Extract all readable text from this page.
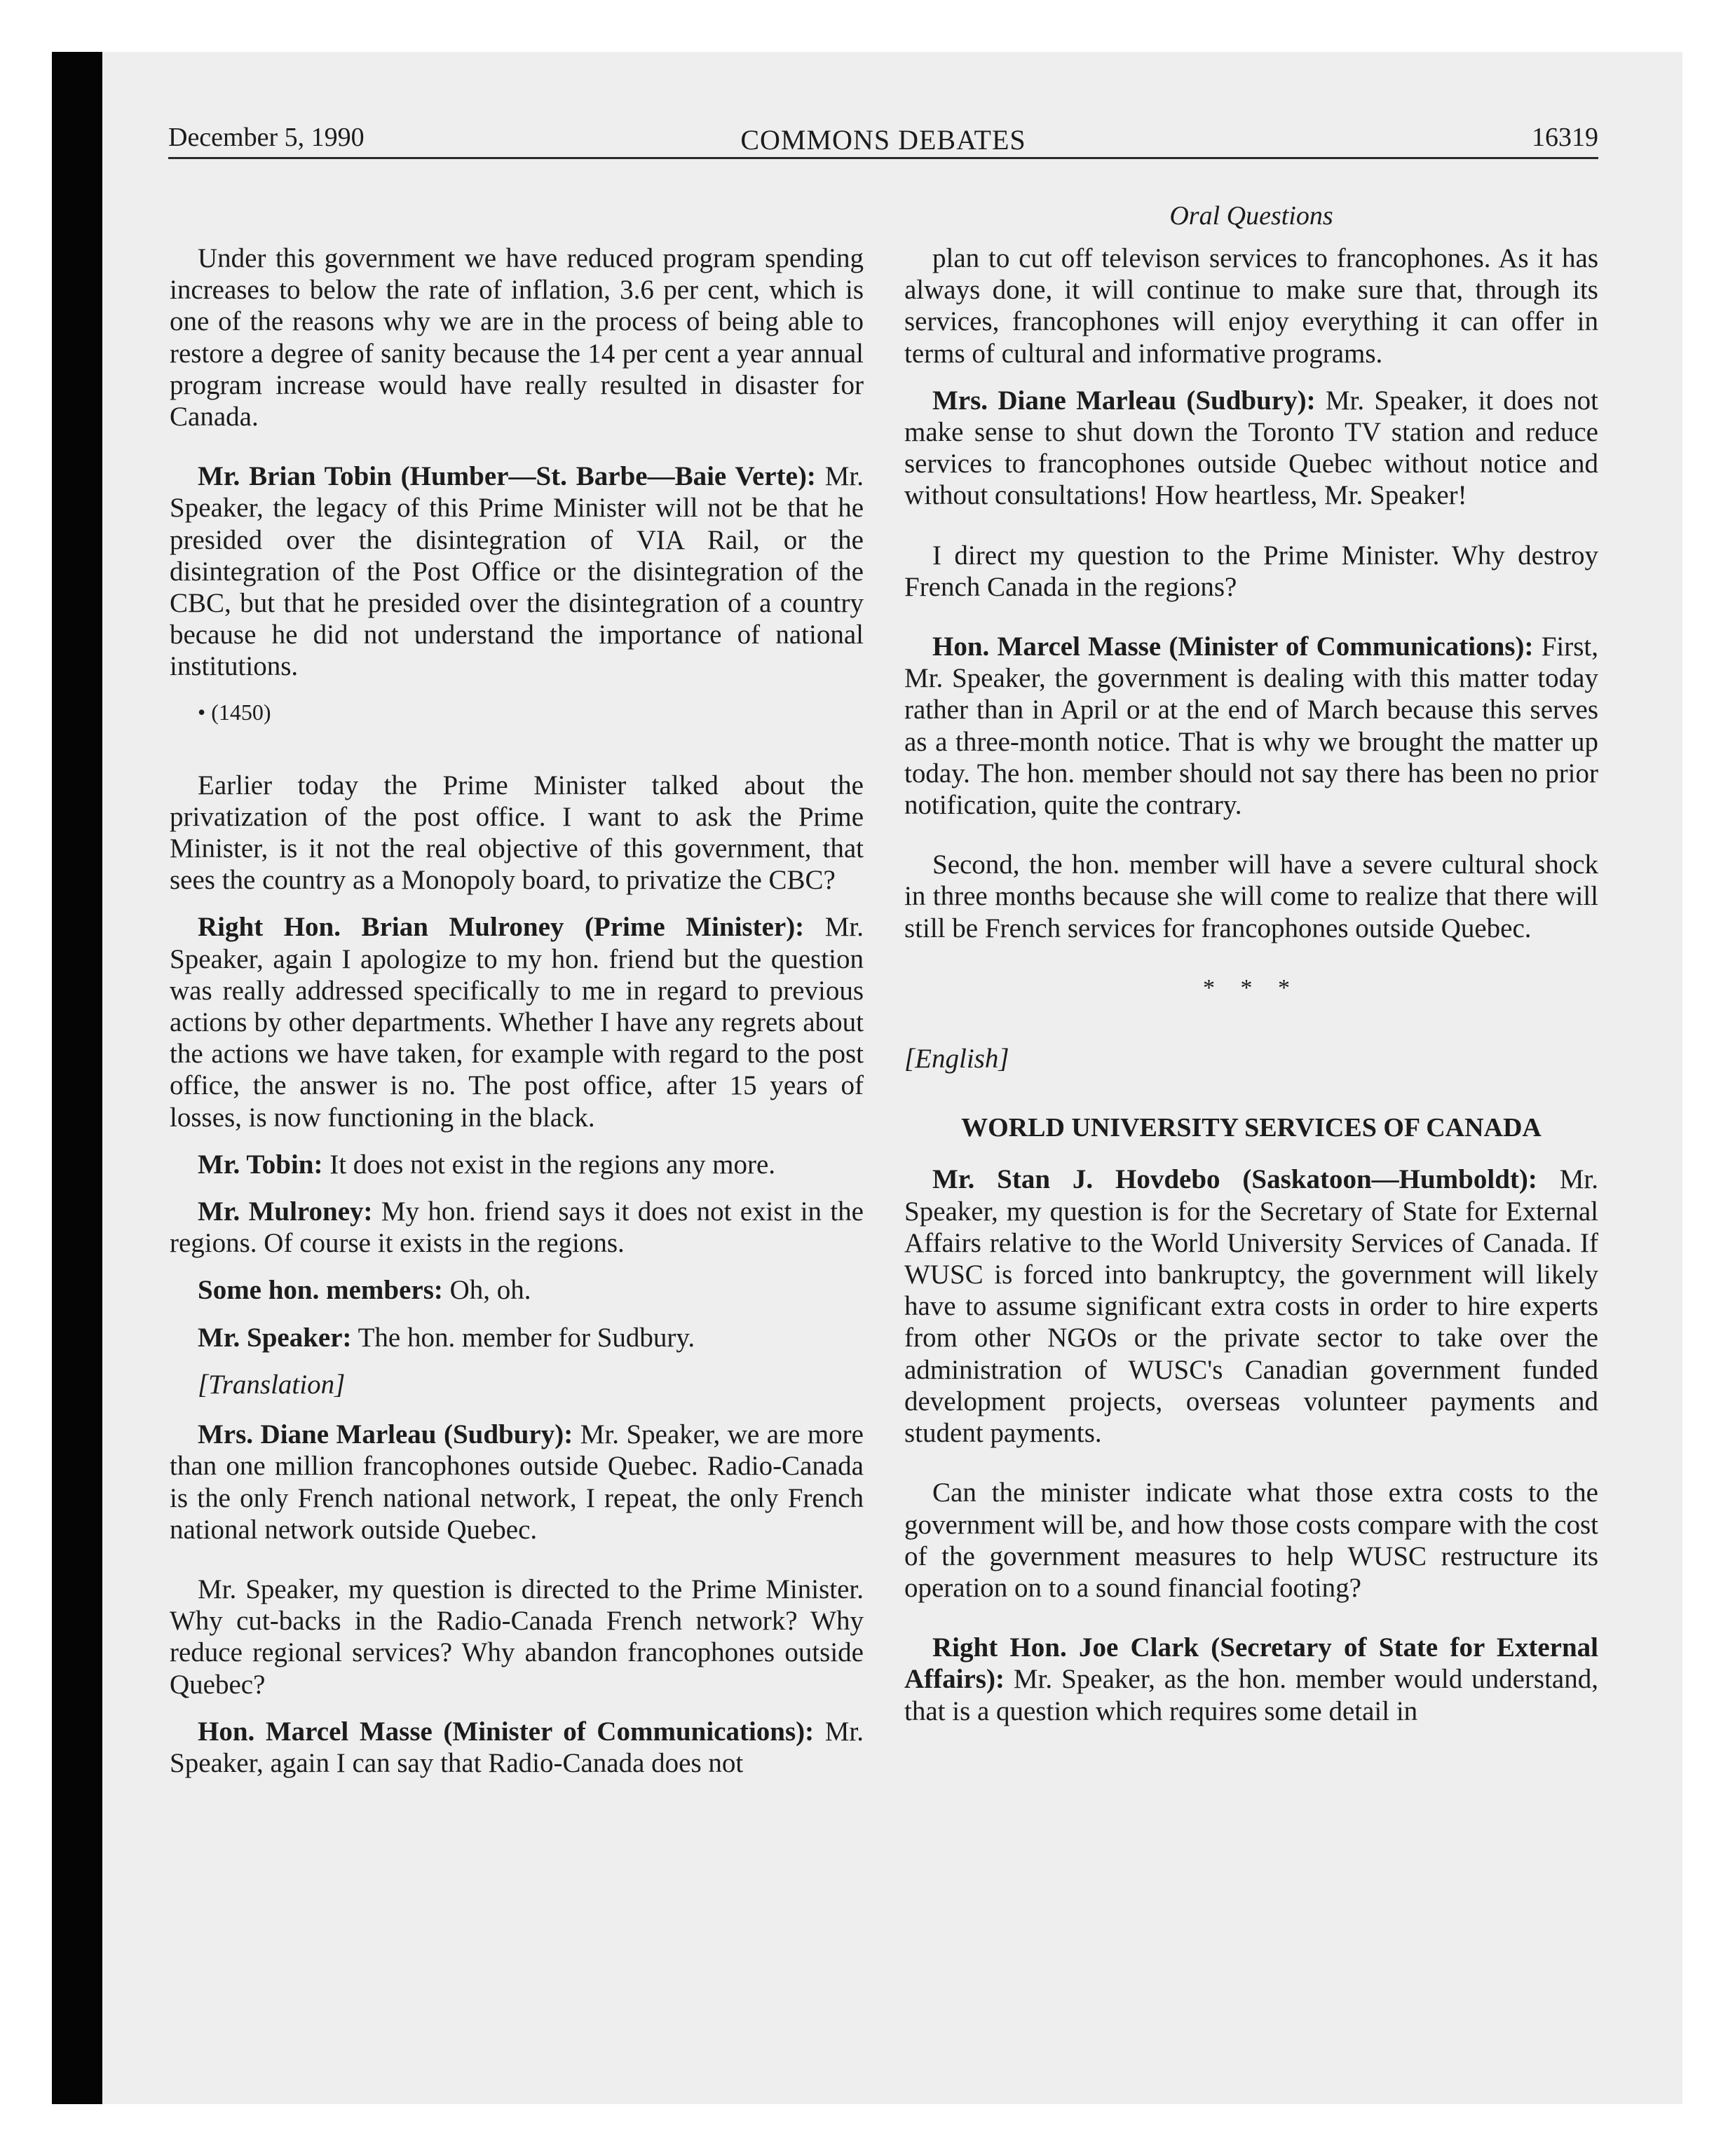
December 5, 1990	COMMONS DEBATES	16319
Oral Questions

Under this government we have reduced program spending increases to below the rate of inflation, 3.6 per cent, which is one of the reasons why we are in the process of being able to restore a degree of sanity because the 14 per cent a year annual program increase would have really resulted in disaster for Canada.

Mr. Brian Tobin (Humber—St. Barbe—Baie Verte): Mr. Speaker, the legacy of this Prime Minister will not be that he presided over the disintegration of VIA Rail, or the disintegration of the Post Office or the disintegration of the CBC, but that he presided over the disintegration of a country because he did not understand the importance of national institutions.

• (1450)

Earlier today the Prime Minister talked about the privatization of the post office. I want to ask the Prime Minister, is it not the real objective of this government, that sees the country as a Monopoly board, to privatize the CBC?

Right Hon. Brian Mulroney (Prime Minister): Mr. Speaker, again I apologize to my hon. friend but the question was really addressed specifically to me in regard to previous actions by other departments. Whether I have any regrets about the actions we have taken, for example with regard to the post office, the answer is no. The post office, after 15 years of losses, is now functioning in the black.

Mr. Tobin: It does not exist in the regions any more.

Mr. Mulroney: My hon. friend says it does not exist in the regions. Of course it exists in the regions.

Some hon. members: Oh, oh.

Mr. Speaker: The hon. member for Sudbury.

[Translation]

Mrs. Diane Marleau (Sudbury): Mr. Speaker, we are more than one million francophones outside Quebec. Radio-Canada is the only French national network, I repeat, the only French national network outside Quebec.

Mr. Speaker, my question is directed to the Prime Minister. Why cut-backs in the Radio-Canada French network? Why reduce regional services? Why abandon francophones outside Quebec?

Hon. Marcel Masse (Minister of Communications): Mr. Speaker, again I can say that Radio-Canada does not

plan to cut off televison services to francophones. As it has always done, it will continue to make sure that, through its services, francophones will enjoy everything it can offer in terms of cultural and informative programs.

Mrs. Diane Marleau (Sudbury): Mr. Speaker, it does not make sense to shut down the Toronto TV station and reduce services to francophones outside Quebec without notice and without consultations! How heartless, Mr. Speaker!

I direct my question to the Prime Minister. Why destroy French Canada in the regions?

Hon. Marcel Masse (Minister of Communications): First, Mr. Speaker, the government is dealing with this matter today rather than in April or at the end of March because this serves as a three-month notice. That is why we brought the matter up today. The hon. member should not say there has been no prior notification, quite the contrary.

Second, the hon. member will have a severe cultural shock in three months because she will come to realize that there will still be French services for francophones outside Quebec.

* * *
[English]
WORLD UNIVERSITY SERVICES OF CANADA

Mr. Stan J. Hovdebo (Saskatoon—Humboldt): Mr. Speaker, my question is for the Secretary of State for External Affairs relative to the World University Services of Canada. If WUSC is forced into bankruptcy, the government will likely have to assume significant extra costs in order to hire experts from other NGOs or the private sector to take over the administration of WUSC's Canadian government funded development projects, overseas volunteer payments and student payments.

Can the minister indicate what those extra costs to the government will be, and how those costs compare with the cost of the government measures to help WUSC restructure its operation on to a sound financial footing?

Right Hon. Joe Clark (Secretary of State for External Affairs): Mr. Speaker, as the hon. member would understand, that is a question which requires some detail in
